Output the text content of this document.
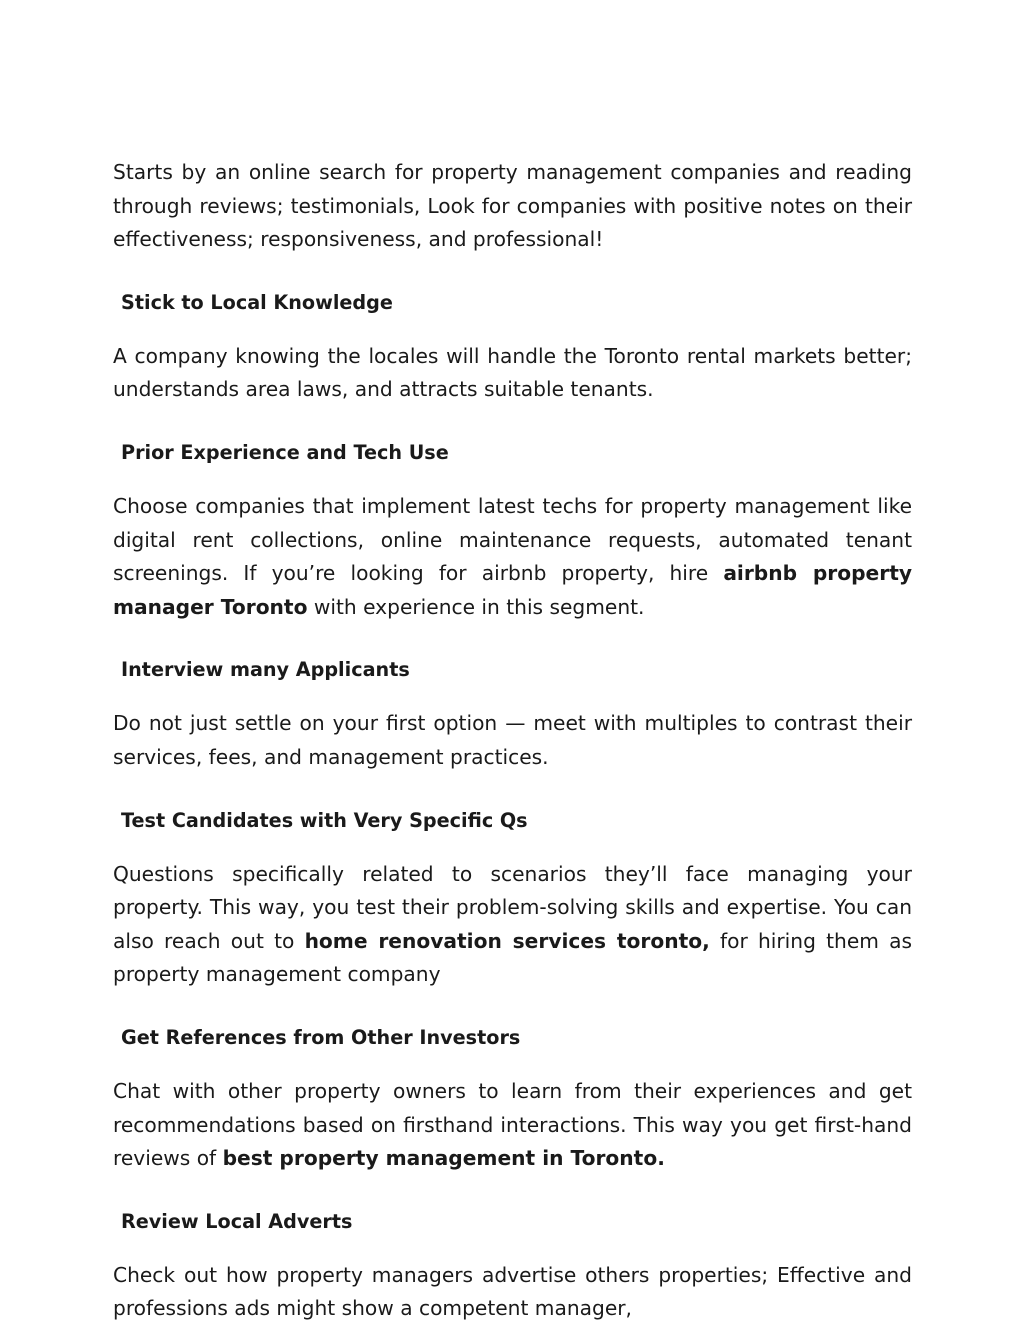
Starts by an online search for property management companies and reading through reviews; testimonials, Look for companies with positive notes on their effectiveness; responsiveness, and professional!

Stick to Local Knowledge

A company knowing the locales will handle the Toronto rental markets better; understands area laws, and attracts suitable tenants.

Prior Experience and Tech Use

Choose companies that implement latest techs for property management like digital rent collections, online maintenance requests, automated tenant screenings. If you’re looking for airbnb property, hire airbnb property manager Toronto with experience in this segment.

Interview many Applicants

Do not just settle on your first option — meet with multiples to contrast their services, fees, and management practices.

Test Candidates with Very Specific Qs

Questions specifically related to scenarios they’ll face managing your property. This way, you test their problem-solving skills and expertise. You can also reach out to home renovation services toronto, for hiring them as property management company

Get References from Other Investors

Chat with other property owners to learn from their experiences and get recommendations based on firsthand interactions. This way you get first-hand reviews of best property management in Toronto.

Review Local Adverts

Check out how property managers advertise others properties; Effective and professions ads might show a competent manager,
